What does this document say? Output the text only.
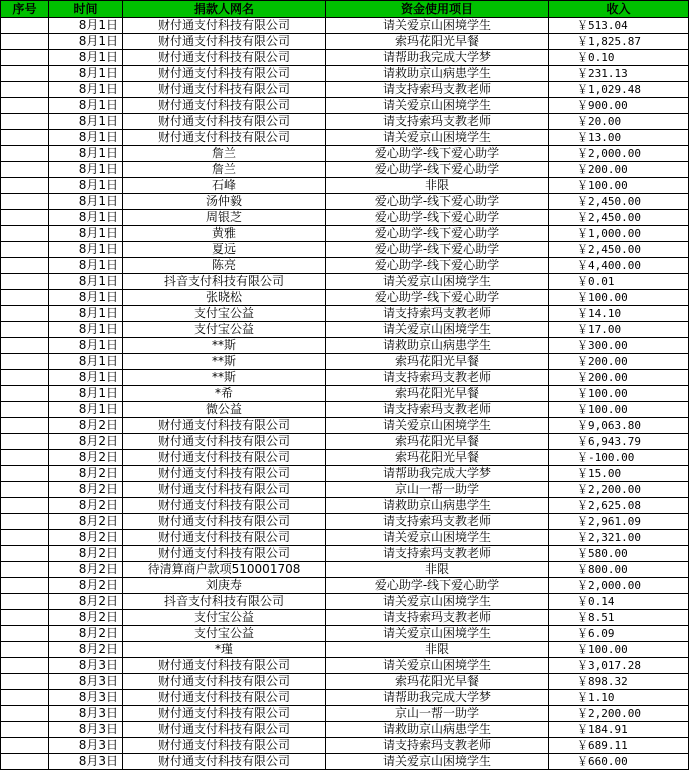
序号	时间	捐款人网名	资金使用项目	收入
	8月1日	财付通支付科技有限公司	请关爱京山困境学生	￥513.04
	8月1日	财付通支付科技有限公司	索玛花阳光早餐	￥1,825.87
	8月1日	财付通支付科技有限公司	请帮助我完成大学梦	￥0.10
	8月1日	财付通支付科技有限公司	请救助京山病患学生	￥231.13
	8月1日	财付通支付科技有限公司	请支持索玛支教老师	￥1,029.48
	8月1日	财付通支付科技有限公司	请关爱京山困境学生	￥900.00
	8月1日	财付通支付科技有限公司	请支持索玛支教老师	￥20.00
	8月1日	财付通支付科技有限公司	请关爱京山困境学生	￥13.00
	8月1日	詹兰	爱心助学-线下爱心助学	￥2,000.00
	8月1日	詹兰	爱心助学-线下爱心助学	￥200.00
	8月1日	石峰	非限	￥100.00
	8月1日	汤仲毅	爱心助学-线下爱心助学	￥2,450.00
	8月1日	周银芝	爱心助学-线下爱心助学	￥2,450.00
	8月1日	黄雅	爱心助学-线下爱心助学	￥1,000.00
	8月1日	夏远	爱心助学-线下爱心助学	￥2,450.00
	8月1日	陈亮	爱心助学-线下爱心助学	￥4,400.00
	8月1日	抖音支付科技有限公司	请关爱京山困境学生	￥0.01
	8月1日	张晓松	爱心助学-线下爱心助学	￥100.00
	8月1日	支付宝公益	请支持索玛支教老师	￥14.10
	8月1日	支付宝公益	请关爱京山困境学生	￥17.00
	8月1日	**斯	请救助京山病患学生	￥300.00
	8月1日	**斯	索玛花阳光早餐	￥200.00
	8月1日	**斯	请支持索玛支教老师	￥200.00
	8月1日	*希	索玛花阳光早餐	￥100.00
	8月1日	微公益	请支持索玛支教老师	￥100.00
	8月2日	财付通支付科技有限公司	请关爱京山困境学生	￥9,063.80
	8月2日	财付通支付科技有限公司	索玛花阳光早餐	￥6,943.79
	8月2日	财付通支付科技有限公司	索玛花阳光早餐	￥-100.00
	8月2日	财付通支付科技有限公司	请帮助我完成大学梦	￥15.00
	8月2日	财付通支付科技有限公司	京山一帮一助学	￥2,200.00
	8月2日	财付通支付科技有限公司	请救助京山病患学生	￥2,625.08
	8月2日	财付通支付科技有限公司	请支持索玛支教老师	￥2,961.09
	8月2日	财付通支付科技有限公司	请关爱京山困境学生	￥2,321.00
	8月2日	财付通支付科技有限公司	请支持索玛支教老师	￥580.00
	8月2日	待清算商户款项510001708	非限	￥800.00
	8月2日	刘庚寿	爱心助学-线下爱心助学	￥2,000.00
	8月2日	抖音支付科技有限公司	请关爱京山困境学生	￥0.14
	8月2日	支付宝公益	请支持索玛支教老师	￥8.51
	8月2日	支付宝公益	请关爱京山困境学生	￥6.09
	8月2日	*瑾	非限	￥100.00
	8月3日	财付通支付科技有限公司	请关爱京山困境学生	￥3,017.28
	8月3日	财付通支付科技有限公司	索玛花阳光早餐	￥898.32
	8月3日	财付通支付科技有限公司	请帮助我完成大学梦	￥1.10
	8月3日	财付通支付科技有限公司	京山一帮一助学	￥2,200.00
	8月3日	财付通支付科技有限公司	请救助京山病患学生	￥184.91
	8月3日	财付通支付科技有限公司	请支持索玛支教老师	￥689.11
	8月3日	财付通支付科技有限公司	请关爱京山困境学生	￥660.00
